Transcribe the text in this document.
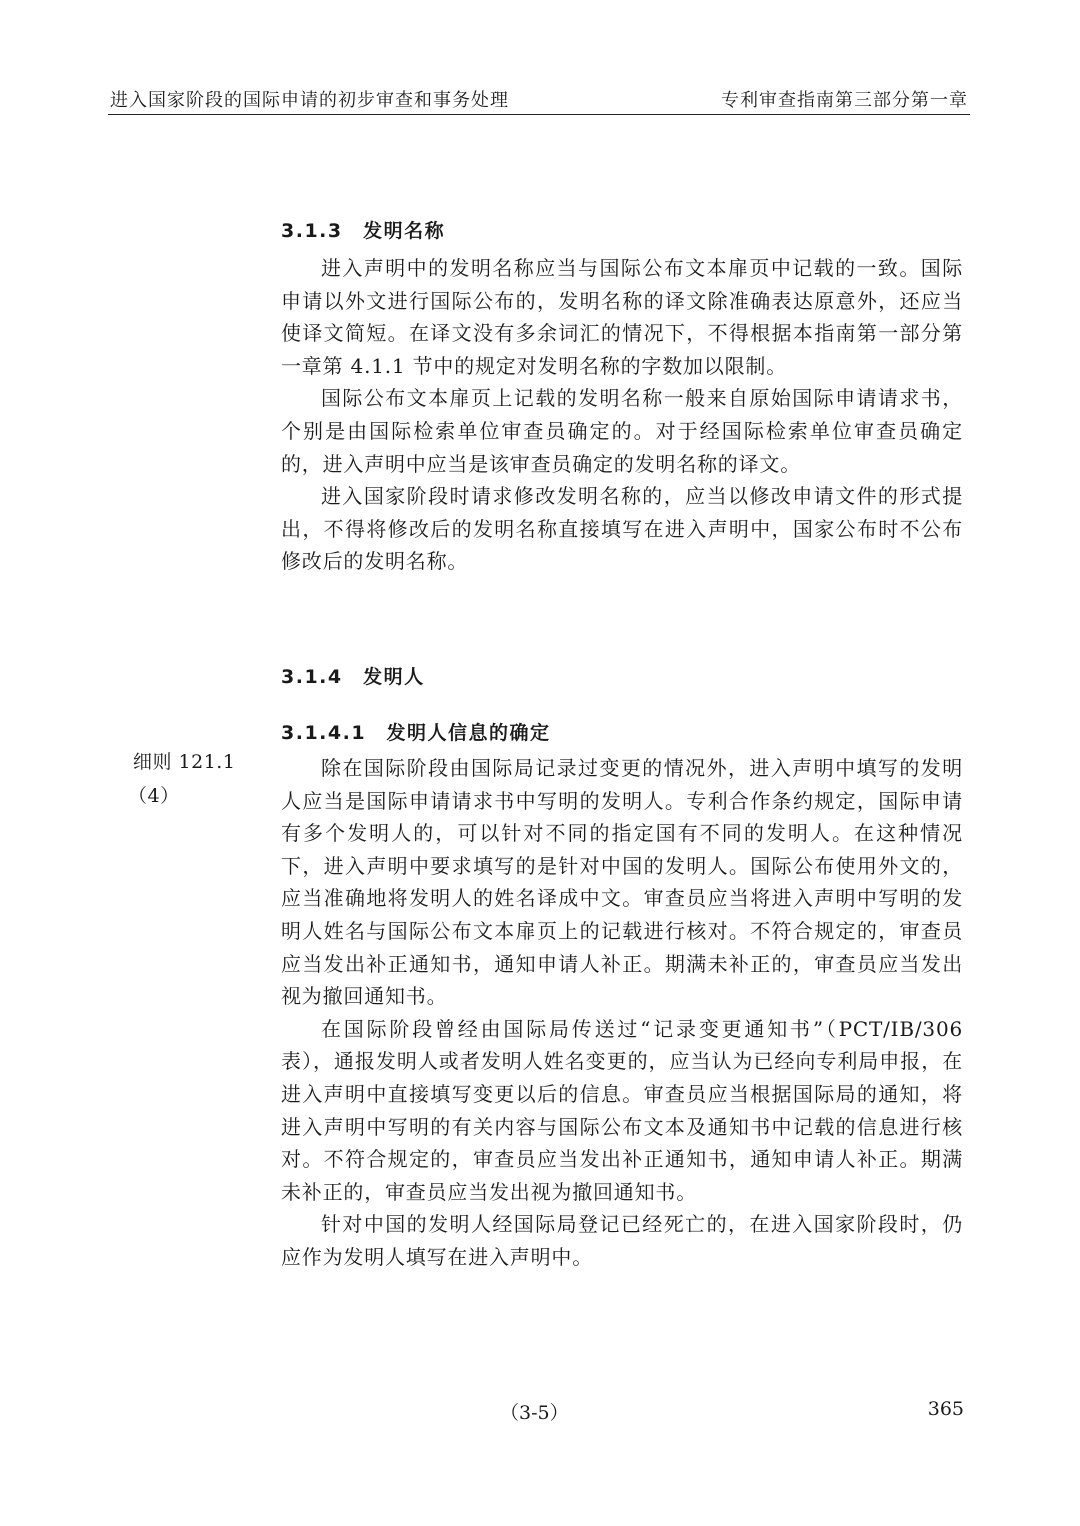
进入国家阶段的国际申请的初步审查和事务处理	专利审查指南第三部分第一章
3.1.3　发明名称

进入声明中的发明名称应当与国际公布文本扉页中记载的一致。国际申请以外文进行国际公布的，发明名称的译文除准确表达原意外，还应当使译文简短。在译文没有多余词汇的情况下，不得根据本指南第一部分第一章第 4.1.1 节中的规定对发明名称的字数加以限制。

国际公布文本扉页上记载的发明名称一般来自原始国际申请请求书，个别是由国际检索单位审查员确定的。对于经国际检索单位审查员确定的，进入声明中应当是该审查员确定的发明名称的译文。

进入国家阶段时请求修改发明名称的，应当以修改申请文件的形式提出，不得将修改后的发明名称直接填写在进入声明中，国家公布时不公布修改后的发明名称。

3.1.4　发明人
3.1.4.1　发明人信息的确定

除在国际阶段由国际局记录过变更的情况外，进入声明中填写的发明人应当是国际申请请求书中写明的发明人。专利合作条约规定，国际申请有多个发明人的，可以针对不同的指定国有不同的发明人。在这种情况下，进入声明中要求填写的是针对中国的发明人。国际公布使用外文的，应当准确地将发明人的姓名译成中文。审查员应当将进入声明中写明的发明人姓名与国际公布文本扉页上的记载进行核对。不符合规定的，审查员应当发出补正通知书，通知申请人补正。期满未补正的，审查员应当发出视为撤回通知书。

在国际阶段曾经由国际局传送过“记录变更通知书”（PCT/IB/306 表），通报发明人或者发明人姓名变更的，应当认为已经向专利局申报，在进入声明中直接填写变更以后的信息。审查员应当根据国际局的通知，将进入声明中写明的有关内容与国际公布文本及通知书中记载的信息进行核对。不符合规定的，审查员应当发出补正通知书，通知申请人补正。期满未补正的，审查员应当发出视为撤回通知书。

针对中国的发明人经国际局登记已经死亡的，在进入国家阶段时，仍应作为发明人填写在进入声明中。

细则 121.1
（4）
（3-5）	365
